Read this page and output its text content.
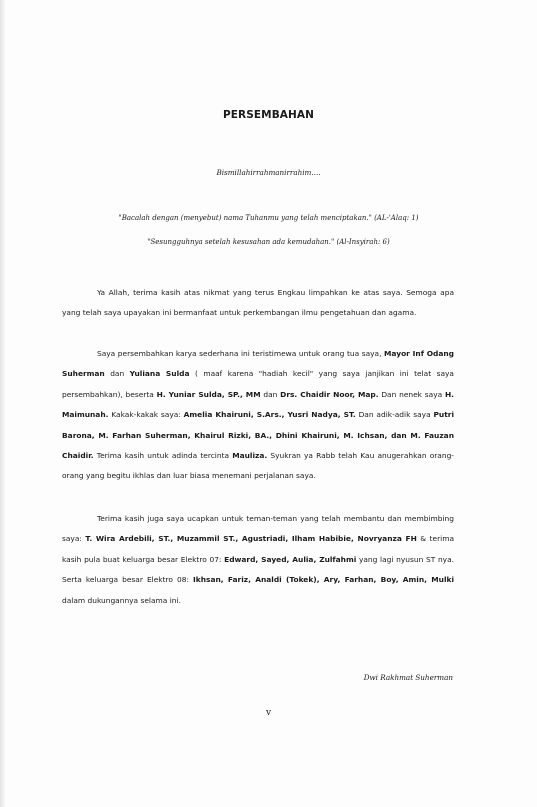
PERSEMBAHAN
Bismillahirrahmanirrahim....
"Bacalah dengan (menyebut) nama Tuhanmu yang telah menciptakan." (AL-'Alaq: 1)
"Sesungguhnya setelah kesusahan ada kemudahan." (Al-Insyirah: 6)

Ya Allah, terima kasih atas nikmat yang terus Engkau limpahkan ke atas saya. Semoga apa yang telah saya upayakan ini bermanfaat untuk perkembangan ilmu pengetahuan dan agama.

Saya persembahkan karya sederhana ini teristimewa untuk orang tua saya, Mayor Inf Odang Suherman dan Yuliana Sulda ( maaf karena "hadiah kecil" yang saya janjikan ini telat saya persembahkan), beserta H. Yuniar Sulda, SP., MM dan Drs. Chaidir Noor, Map. Dan nenek saya H. Maimunah. Kakak-kakak saya: Amelia Khairuni, S.Ars., Yusri Nadya, ST. Dan adik-adik saya Putri Barona, M. Farhan Suherman, Khairul Rizki, BA., Dhini Khairuni, M. Ichsan, dan M. Fauzan Chaidir. Terima kasih untuk adinda tercinta Mauliza. Syukran ya Rabb telah Kau anugerahkan orang-orang yang begitu ikhlas dan luar biasa menemani perjalanan saya.

Terima kasih juga saya ucapkan untuk teman-teman yang telah membantu dan membimbing saya: T. Wira Ardebili, ST., Muzammil ST., Agustriadi, Ilham Habibie, Novryanza FH & terima kasih pula buat keluarga besar Elektro 07: Edward, Sayed, Aulia, Zulfahmi yang lagi nyusun ST nya. Serta keluarga besar Elektro 08: Ikhsan, Fariz, Analdi (Tokek), Ary, Farhan, Boy, Amin, Mulki dalam dukungannya selama ini.

Dwi Rakhmat Suherman
v
